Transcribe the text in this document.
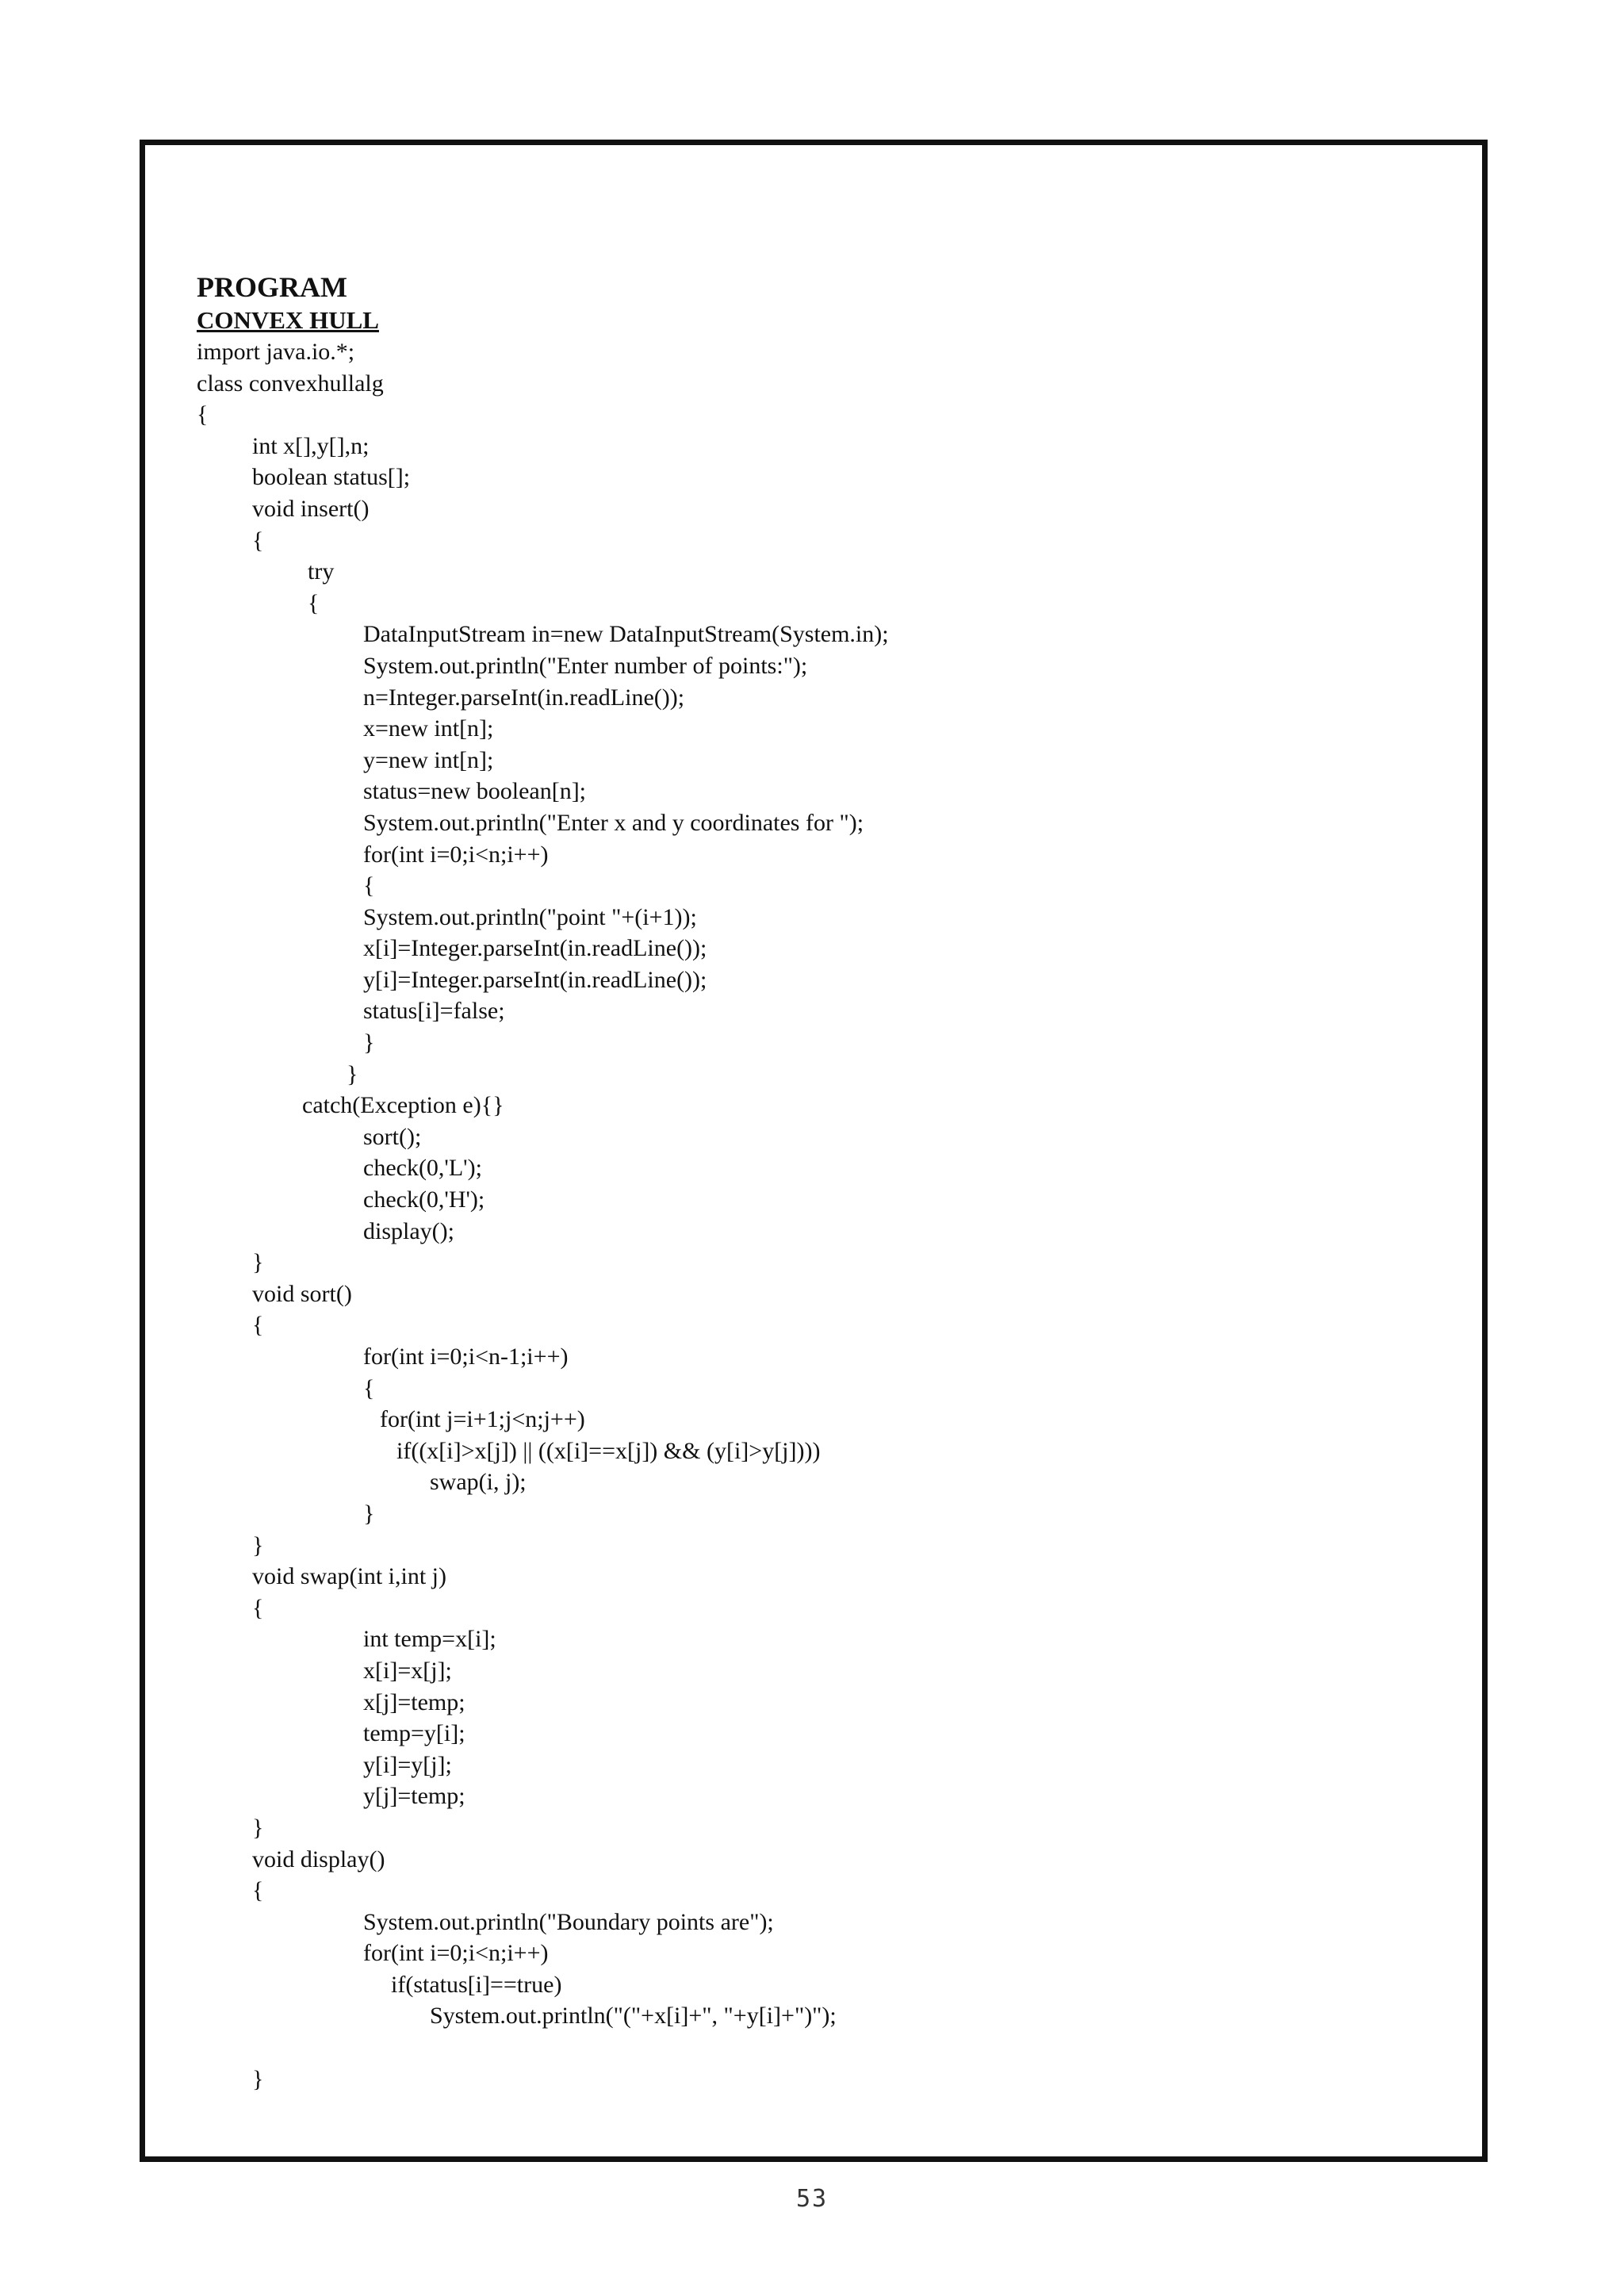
PROGRAM
CONVEX HULL
import java.io.*;
class convexhullalg
{
int x[],y[],n;
boolean status[];
void insert()
{
try
{
DataInputStream in=new DataInputStream(System.in);
System.out.println("Enter number of points:");
n=Integer.parseInt(in.readLine());
x=new int[n];
y=new int[n];
status=new boolean[n];
System.out.println("Enter x and y coordinates for ");
for(int i=0;i<n;i++)
{
System.out.println("point "+(i+1));
x[i]=Integer.parseInt(in.readLine());
y[i]=Integer.parseInt(in.readLine());
status[i]=false;
}
}
catch(Exception e){}
sort();
check(0,'L');
check(0,'H');
display();
}
void sort()
{
for(int i=0;i<n-1;i++)
{
for(int j=i+1;j<n;j++)
if((x[i]>x[j]) || ((x[i]==x[j]) && (y[i]>y[j])))
swap(i, j);
}
}
void swap(int i,int j)
{
int temp=x[i];
x[i]=x[j];
x[j]=temp;
temp=y[i];
y[i]=y[j];
y[j]=temp;
}
void display()
{
System.out.println("Boundary points are");
for(int i=0;i<n;i++)
if(status[i]==true)
System.out.println("("+x[i]+", "+y[i]+")");
}
53
